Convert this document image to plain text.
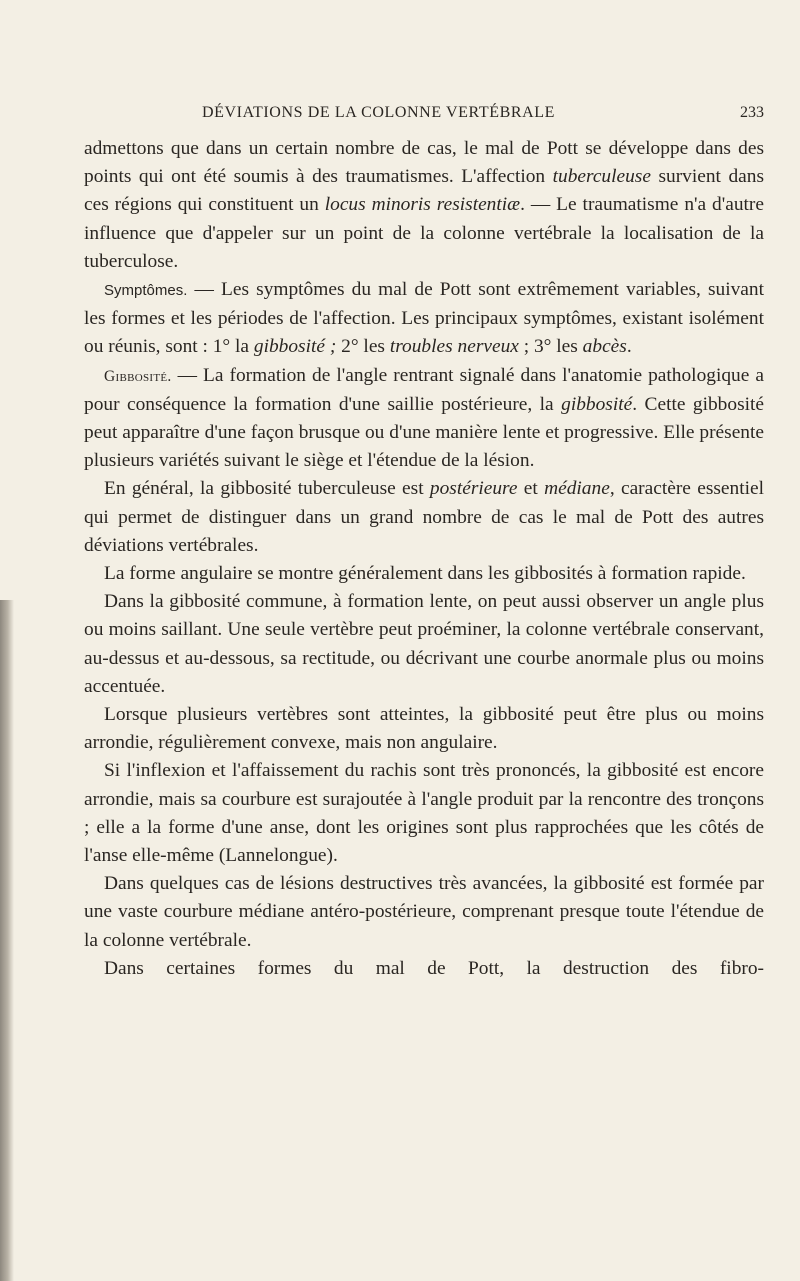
DÉVIATIONS DE LA COLONNE VERTÉBRALE	233

admettons que dans un certain nombre de cas, le mal de Pott se développe dans des points qui ont été soumis à des traumatismes. L'affection tuberculeuse survient dans ces régions qui constituent un locus minoris resistentiæ. — Le traumatisme n'a d'autre influence que d'appeler sur un point de la colonne vertébrale la localisation de la tuberculose.

Symptômes. — Les symptômes du mal de Pott sont extrêmement variables, suivant les formes et les périodes de l'affection. Les principaux symptômes, existant isolément ou réunis, sont : 1° la gibbosité ; 2° les troubles nerveux ; 3° les abcès.

Gibbosité. — La formation de l'angle rentrant signalé dans l'anatomie pathologique a pour conséquence la formation d'une saillie postérieure, la gibbosité. Cette gibbosité peut apparaître d'une façon brusque ou d'une manière lente et progressive. Elle présente plusieurs variétés suivant le siège et l'étendue de la lésion.

En général, la gibbosité tuberculeuse est postérieure et médiane, caractère essentiel qui permet de distinguer dans un grand nombre de cas le mal de Pott des autres déviations vertébrales.

La forme angulaire se montre généralement dans les gibbosités à formation rapide.

Dans la gibbosité commune, à formation lente, on peut aussi observer un angle plus ou moins saillant. Une seule vertèbre peut proéminer, la colonne vertébrale conservant, au-dessus et au-dessous, sa rectitude, ou décrivant une courbe anormale plus ou moins accentuée.

Lorsque plusieurs vertèbres sont atteintes, la gibbosité peut être plus ou moins arrondie, régulièrement convexe, mais non angulaire.

Si l'inflexion et l'affaissement du rachis sont très prononcés, la gibbosité est encore arrondie, mais sa courbure est surajoutée à l'angle produit par la rencontre des tronçons ; elle a la forme d'une anse, dont les origines sont plus rapprochées que les côtés de l'anse elle-même (Lannelongue).

Dans quelques cas de lésions destructives très avancées, la gibbosité est formée par une vaste courbure médiane antéro-postérieure, comprenant presque toute l'étendue de la colonne vertébrale.

Dans certaines formes du mal de Pott, la destruction des fibro-
